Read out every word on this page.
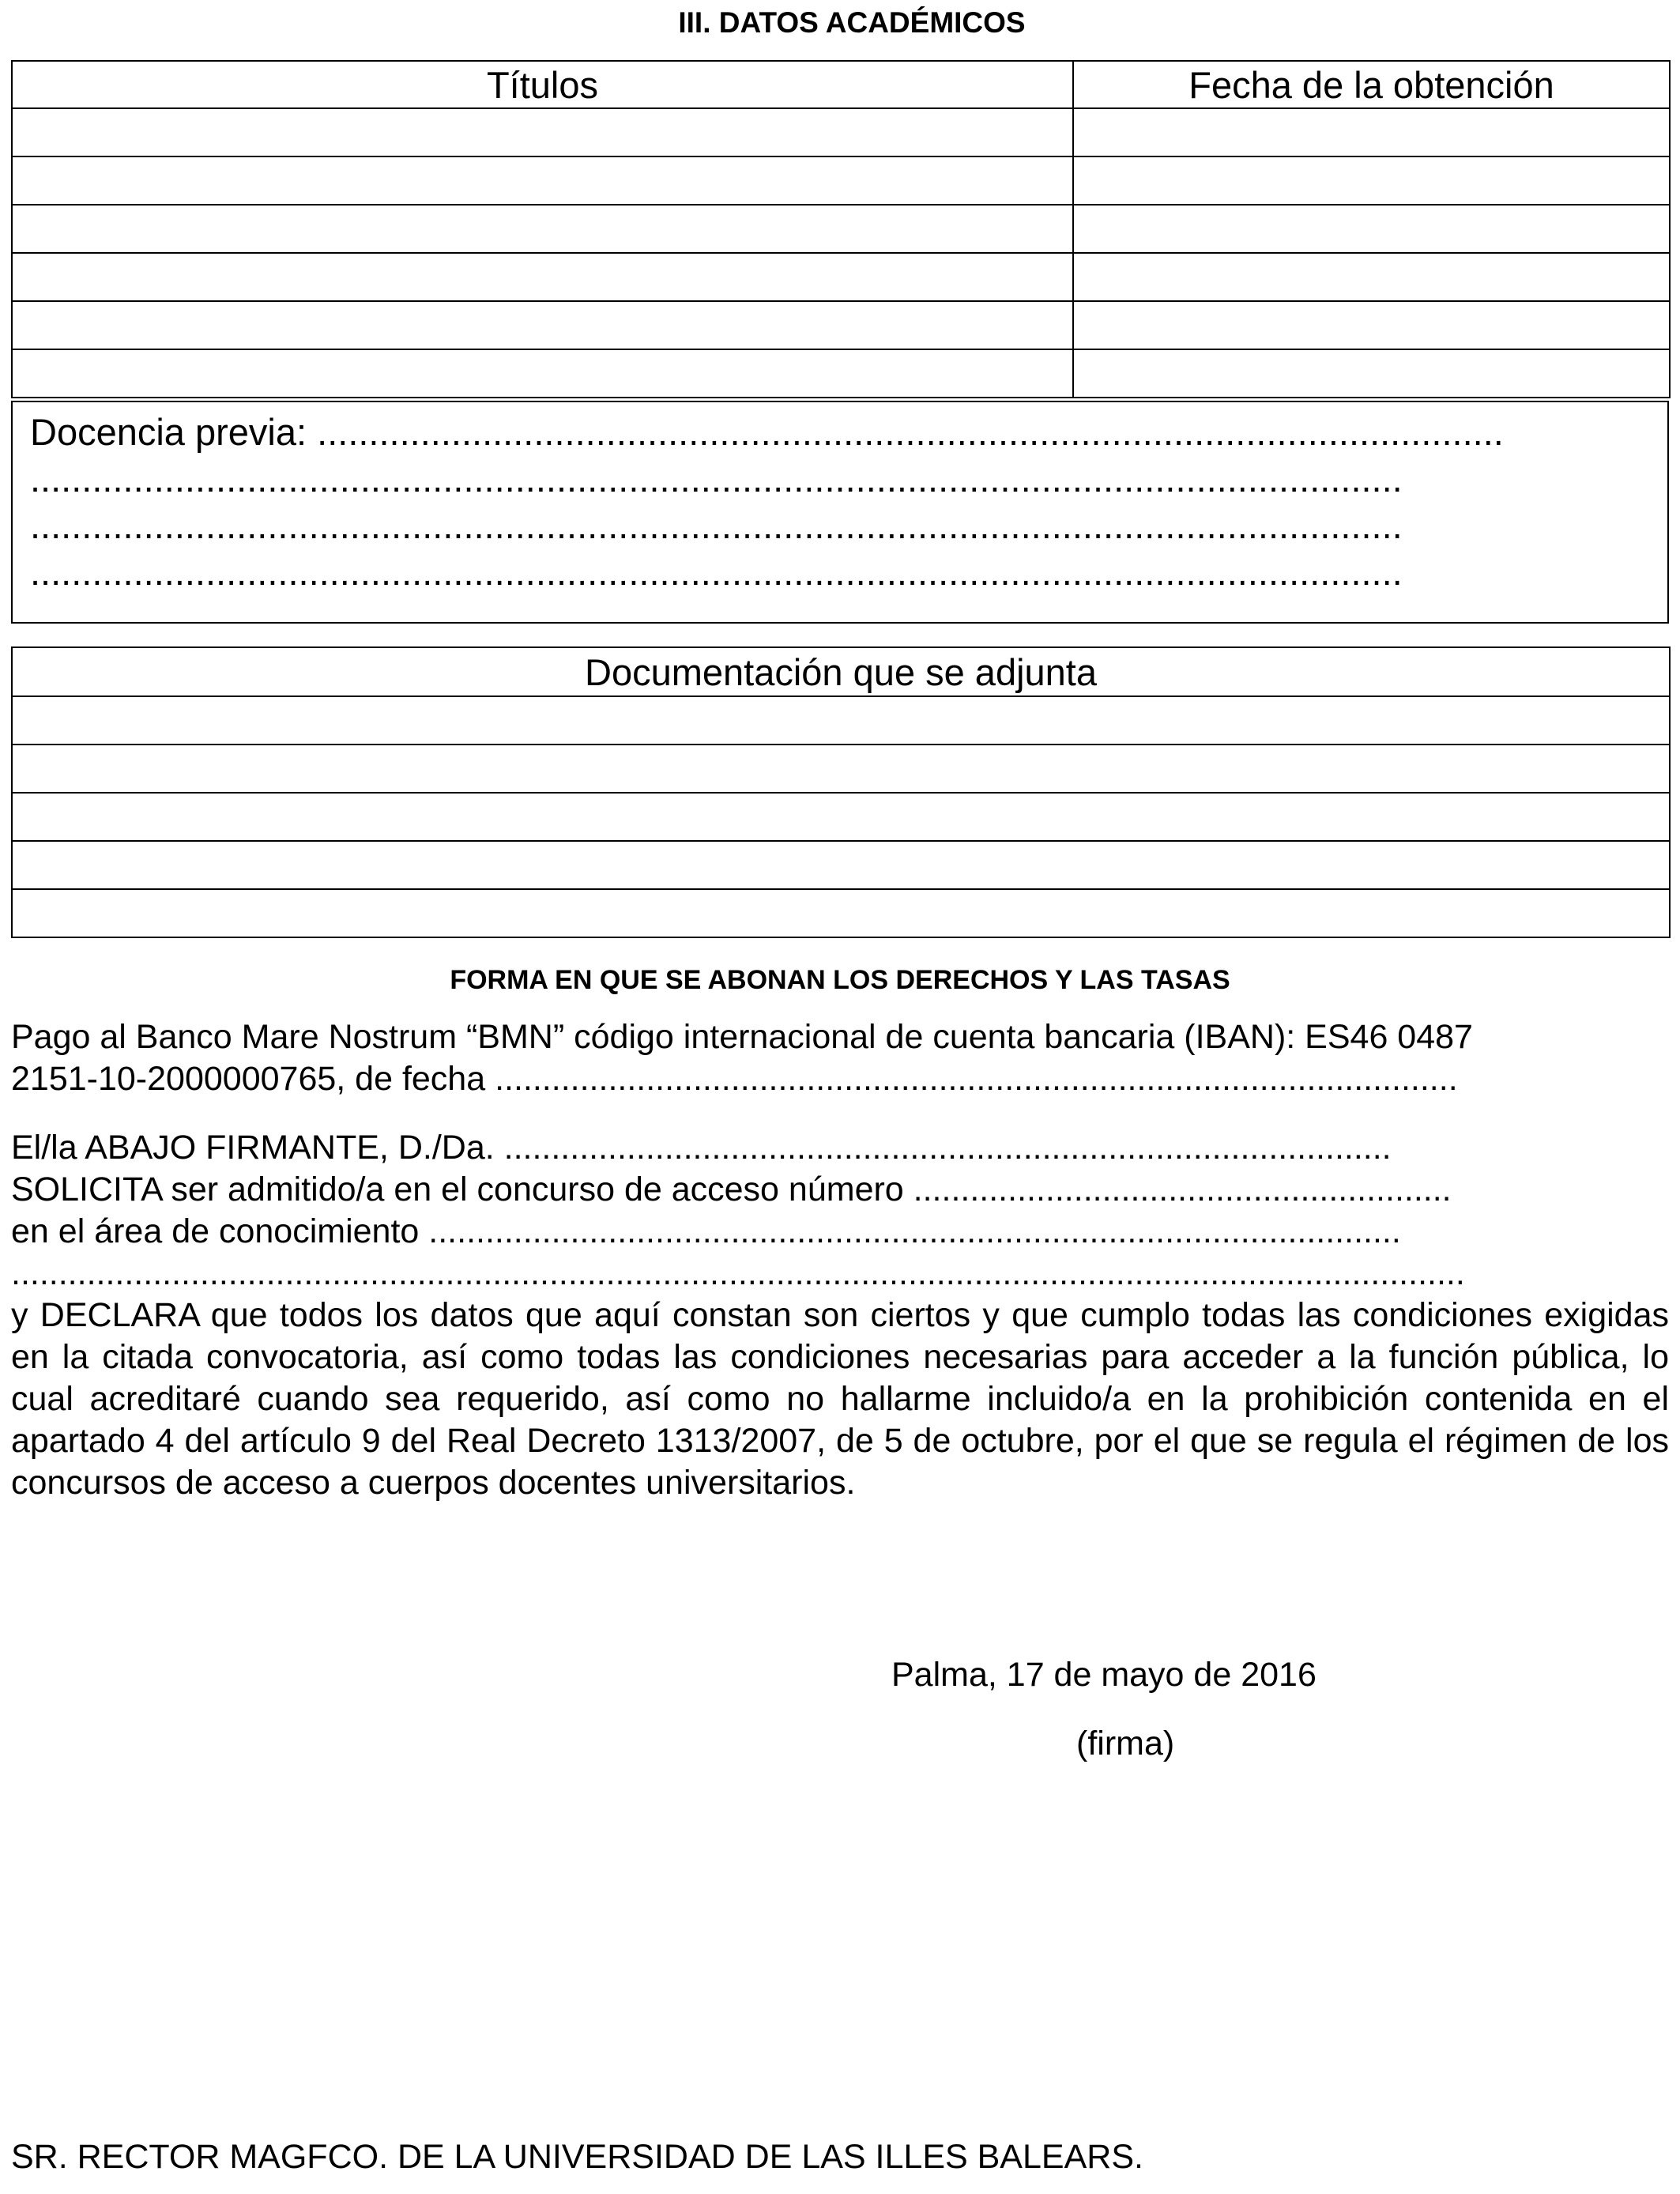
III. DATOS ACADÉMICOS
Títulos	Fecha de la obtención

Docencia previa: ...................................................................................................................
.....................................................................................................................................
.....................................................................................................................................
.....................................................................................................................................
Documentación que se adjunta

FORMA EN QUE SE ABONAN LOS DERECHOS Y LAS TASAS
Pago al Banco Mare Nostrum “BMN” código internacional de cuenta bancaria (IBAN): ES46 0487
2151-10-2000000765, de fecha ......................................................................................................
El/la ABAJO FIRMANTE, D./Da. ..............................................................................................
SOLICITA ser admitido/a en el concurso de acceso número .........................................................
en el área de conocimiento .......................................................................................................
..........................................................................................................................................................
y DECLARA que todos los datos que aquí constan son ciertos y que cumplo todas las condiciones exigidas en la citada convocatoria, así como todas las condiciones necesarias para acceder a la función pública, lo cual acreditaré cuando sea requerido, así como no hallarme incluido/a en la prohibición contenida en el apartado 4 del artículo 9 del Real Decreto 1313/2007, de 5 de octubre, por el que se regula el régimen de los concursos de acceso a cuerpos docentes universitarios.
Palma, 17 de mayo de 2016
(firma)
SR. RECTOR MAGFCO. DE LA UNIVERSIDAD DE LAS ILLES BALEARS.
